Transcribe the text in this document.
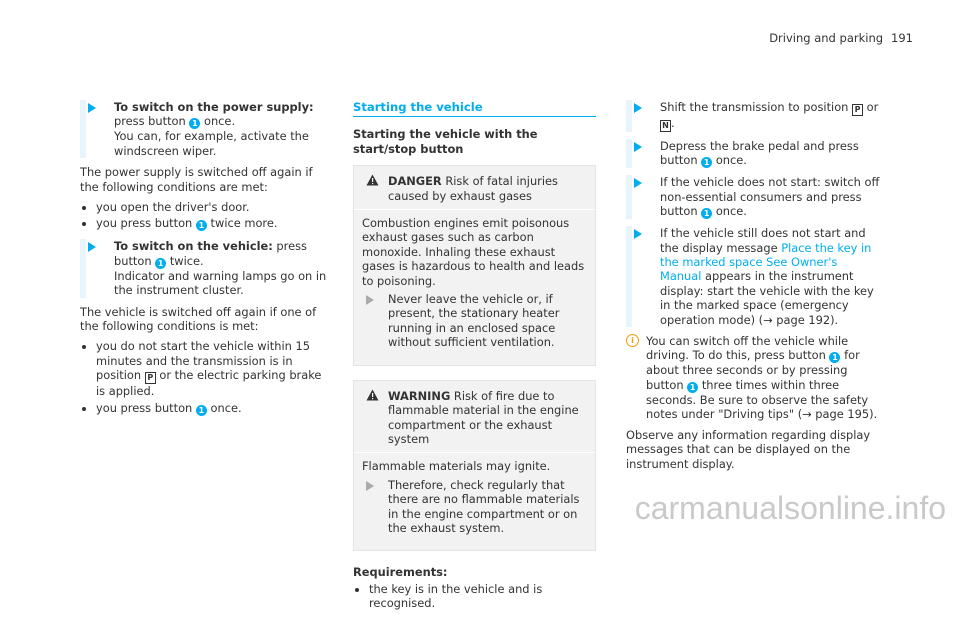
Driving and parking 191
To switch on the power supply: press button 1 once.
You can, for example, activate the windscreen wiper.

The power supply is switched off again if the following conditions are met:

• you open the driver's door.
• you press button 1 twice more.
To switch on the vehicle: press button 1 twice.
Indicator and warning lamps go on in the instrument cluster.

The vehicle is switched off again if one of the following conditions is met:

• you do not start the vehicle within 15 minutes and the transmission is in position P or the electric parking brake is applied.
• you press button 1 once.
Starting the vehicle
Starting the vehicle with the start/stop button
DANGER Risk of fatal injuries caused by exhaust gases
Combustion engines emit poisonous exhaust gases such as carbon monoxide. Inhaling these exhaust gases is hazardous to health and leads to poisoning.
Never leave the vehicle or, if present, the stationary heater running in an enclosed space without sufficient ventilation.
WARNING Risk of fire due to flammable material in the engine compartment or the exhaust system
Flammable materials may ignite.
Therefore, check regularly that there are no flammable materials in the engine compartment or on the exhaust system.
Requirements:
• the key is in the vehicle and is recognised.
Shift the transmission to position P or N .
Depress the brake pedal and press button 1 once.
If the vehicle does not start: switch off non-essential consumers and press button 1 once.
If the vehicle still does not start and the display message Place the key in the marked space See Owner's Manual appears in the instrument display: start the vehicle with the key in the marked space (emergency operation mode) (→ page 192).
i	You can switch off the vehicle while driving. To do this, press button 1 for about three seconds or by pressing button 1 three times within three seconds. Be sure to observe the safety notes under "Driving tips" (→ page 195).

Observe any information regarding display messages that can be displayed on the instrument display.

carmanualsonline.info
